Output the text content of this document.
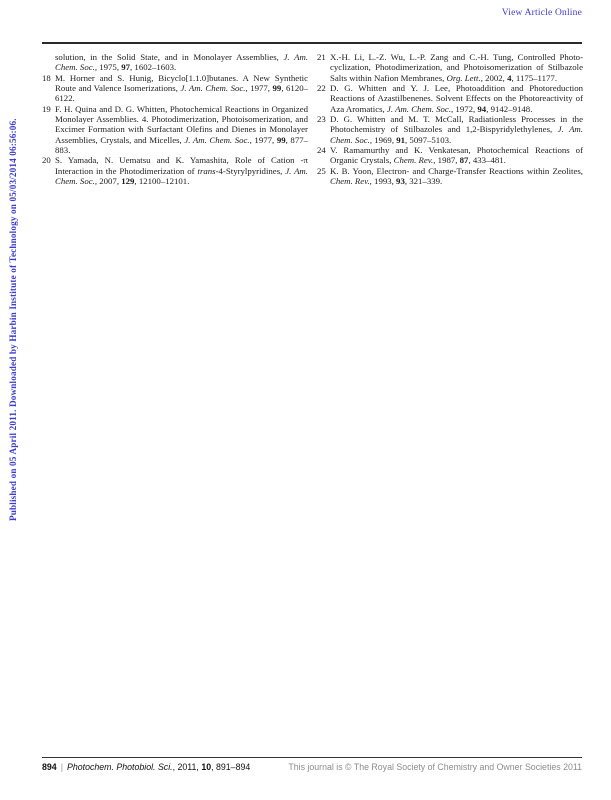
View Article Online
Published on 05 April 2011. Downloaded by Harbin Institute of Technology on 05/03/2014 06:56:06.
solution, in the Solid State, and in Monolayer Assemblies, J. Am. Chem. Soc., 1975, 97, 1602–1603.
18 M. Horner and S. Hunig, Bicyclo[1.1.0]butanes. A New Synthetic Route and Valence Isomerizations, J. Am. Chem. Soc., 1977, 99, 6120–6122.
19 F. H. Quina and D. G. Whitten, Photochemical Reactions in Organized Monolayer Assemblies. 4. Photodimerization, Photoisomerization, and Excimer Formation with Surfactant Olefins and Dienes in Monolayer Assemblies, Crystals, and Micelles, J. Am. Chem. Soc., 1977, 99, 877–883.
20 S. Yamada, N. Uematsu and K. Yamashita, Role of Cation -π Interaction in the Photodimerization of trans-4-Styrylpyridines, J. Am. Chem. Soc., 2007, 129, 12100–12101.
21 X.-H. Li, L.-Z. Wu, L.-P. Zang and C.-H. Tung, Controlled Photocyclization, Photodimerization, and Photoisomerization of Stilbazole Salts within Nafion Membranes, Org. Lett., 2002, 4, 1175–1177.
22 D. G. Whitten and Y. J. Lee, Photoaddition and Photoreduction Reactions of Azastilbenenes. Solvent Effects on the Photoreactivity of Aza Aromatics, J. Am. Chem. Soc., 1972, 94, 9142–9148.
23 D. G. Whitten and M. T. McCall, Radiationless Processes in the Photochemistry of Stilbazoles and 1,2-Bispyridylethylenes, J. Am. Chem. Soc., 1969, 91, 5097–5103.
24 V. Ramamurthy and K. Venkatesan, Photochemical Reactions of Organic Crystals, Chem. Rev., 1987, 87, 433–481.
25 K. B. Yoon, Electron- and Charge-Transfer Reactions within Zeolites, Chem. Rev., 1993, 93, 321–339.
894 | Photochem. Photobiol. Sci., 2011, 10, 891–894	This journal is © The Royal Society of Chemistry and Owner Societies 2011
